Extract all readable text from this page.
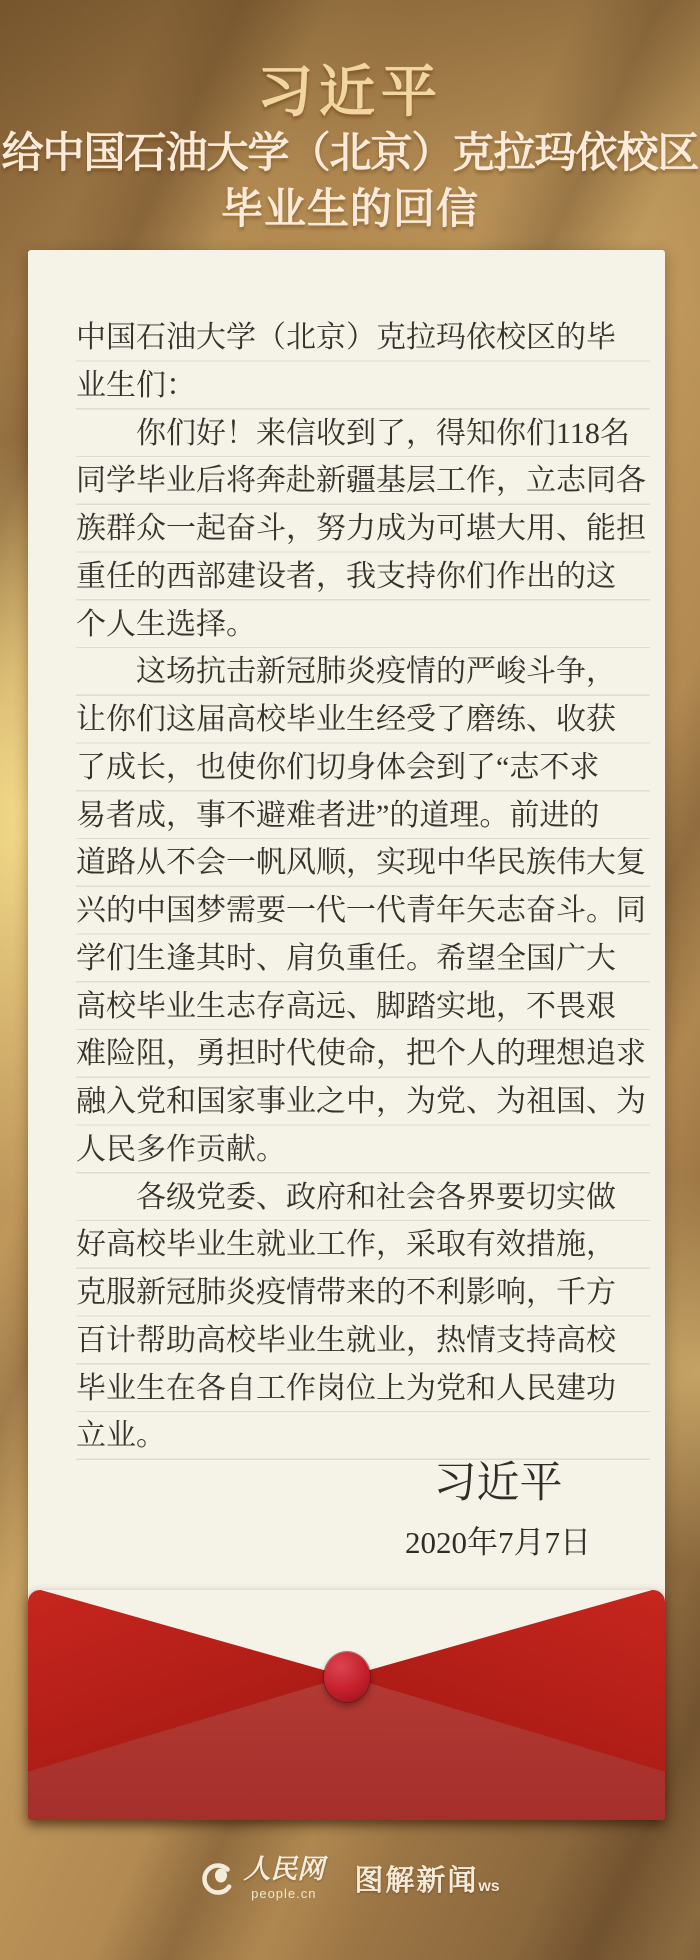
习近平
给中国石油大学（北京）克拉玛依校区
毕业生的回信
中国石油大学（北京）克拉玛依校区的毕
业生们：
　　你们好！来信收到了，得知你们118名
同学毕业后将奔赴新疆基层工作，立志同各
族群众一起奋斗，努力成为可堪大用、能担
重任的西部建设者，我支持你们作出的这
个人生选择。
　　这场抗击新冠肺炎疫情的严峻斗争，
让你们这届高校毕业生经受了磨练、收获
了成长，也使你们切身体会到了“志不求
易者成，事不避难者进”的道理。前进的
道路从不会一帆风顺，实现中华民族伟大复
兴的中国梦需要一代一代青年矢志奋斗。同
学们生逢其时、肩负重任。希望全国广大
高校毕业生志存高远、脚踏实地，不畏艰
难险阻，勇担时代使命，把个人的理想追求
融入党和国家事业之中，为党、为祖国、为
人民多作贡献。
　　各级党委、政府和社会各界要切实做
好高校毕业生就业工作，采取有效措施，
克服新冠肺炎疫情带来的不利影响，千方
百计帮助高校毕业生就业，热情支持高校
毕业生在各自工作岗位上为党和人民建功
立业。
习近平
2020年7月7日
人民网
people.cn 图解新闻 ws
